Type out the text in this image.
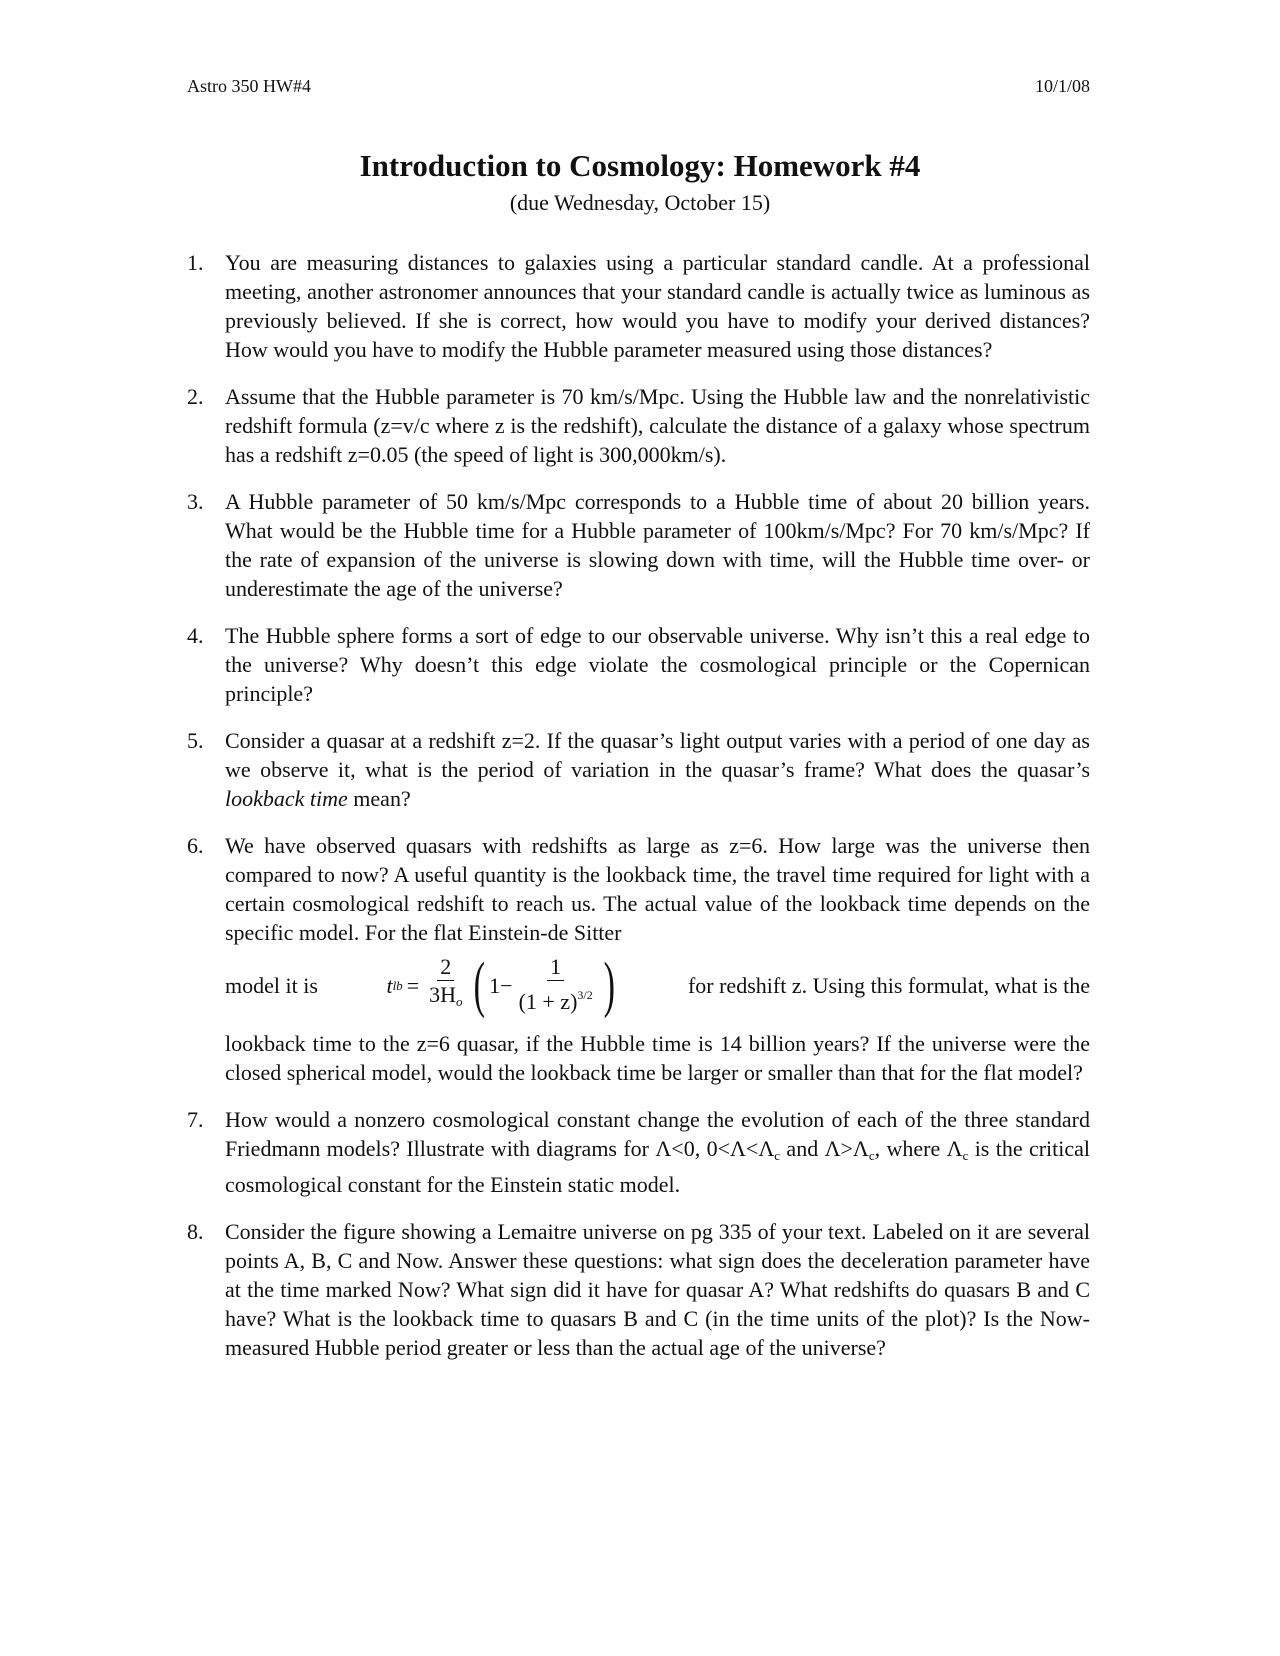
Astro 350 HW#4	10/1/08
Introduction to Cosmology: Homework #4
(due Wednesday, October 15)
1. You are measuring distances to galaxies using a particular standard candle. At a professional meeting, another astronomer announces that your standard candle is actually twice as luminous as previously believed. If she is correct, how would you have to modify your derived distances? How would you have to modify the Hubble parameter measured using those distances?
2. Assume that the Hubble parameter is 70 km/s/Mpc. Using the Hubble law and the nonrelativistic redshift formula (z=v/c where z is the redshift), calculate the distance of a galaxy whose spectrum has a redshift z=0.05 (the speed of light is 300,000km/s).
3. A Hubble parameter of 50 km/s/Mpc corresponds to a Hubble time of about 20 billion years. What would be the Hubble time for a Hubble parameter of 100km/s/Mpc? For 70 km/s/Mpc? If the rate of expansion of the universe is slowing down with time, will the Hubble time over- or underestimate the age of the universe?
4. The Hubble sphere forms a sort of edge to our observable universe. Why isn’t this a real edge to the universe? Why doesn’t this edge violate the cosmological principle or the Copernican principle?
5. Consider a quasar at a redshift z=2. If the quasar’s light output varies with a period of one day as we observe it, what is the period of variation in the quasar’s frame? What does the quasar’s lookback time mean?
6. We have observed quasars with redshifts as large as z=6. How large was the universe then compared to now? A useful quantity is the lookback time, the travel time required for light with a certain cosmological redshift to reach us. The actual value of the lookback time depends on the specific model. For the flat Einstein-de Sitter
model it is	t lb = $\frac{2}{3H_o}$ ( $1 - \frac{1}{(1 + z)^{3/2}}$ )	for redshift z. Using this formulat, what is the
lookback time to the z=6 quasar, if the Hubble time is 14 billion years? If the universe were the closed spherical model, would the lookback time be larger or smaller than that for the flat model?
7. How would a nonzero cosmological constant change the evolution of each of the three standard Friedmann models? Illustrate with diagrams for Λ<0, $0<\Lambda<\Lambda_c$ and $\Lambda>\Lambda_c$, where $\Lambda_c$ is the critical cosmological constant for the Einstein static model.
8. Consider the figure showing a Lemaitre universe on pg 335 of your text. Labeled on it are several points A, B, C and Now. Answer these questions: what sign does the deceleration parameter have at the time marked Now? What sign did it have for quasar A? What redshifts do quasars B and C have? What is the lookback time to quasars B and C (in the time units of the plot)? Is the Now-measured Hubble period greater or less than the actual age of the universe?
